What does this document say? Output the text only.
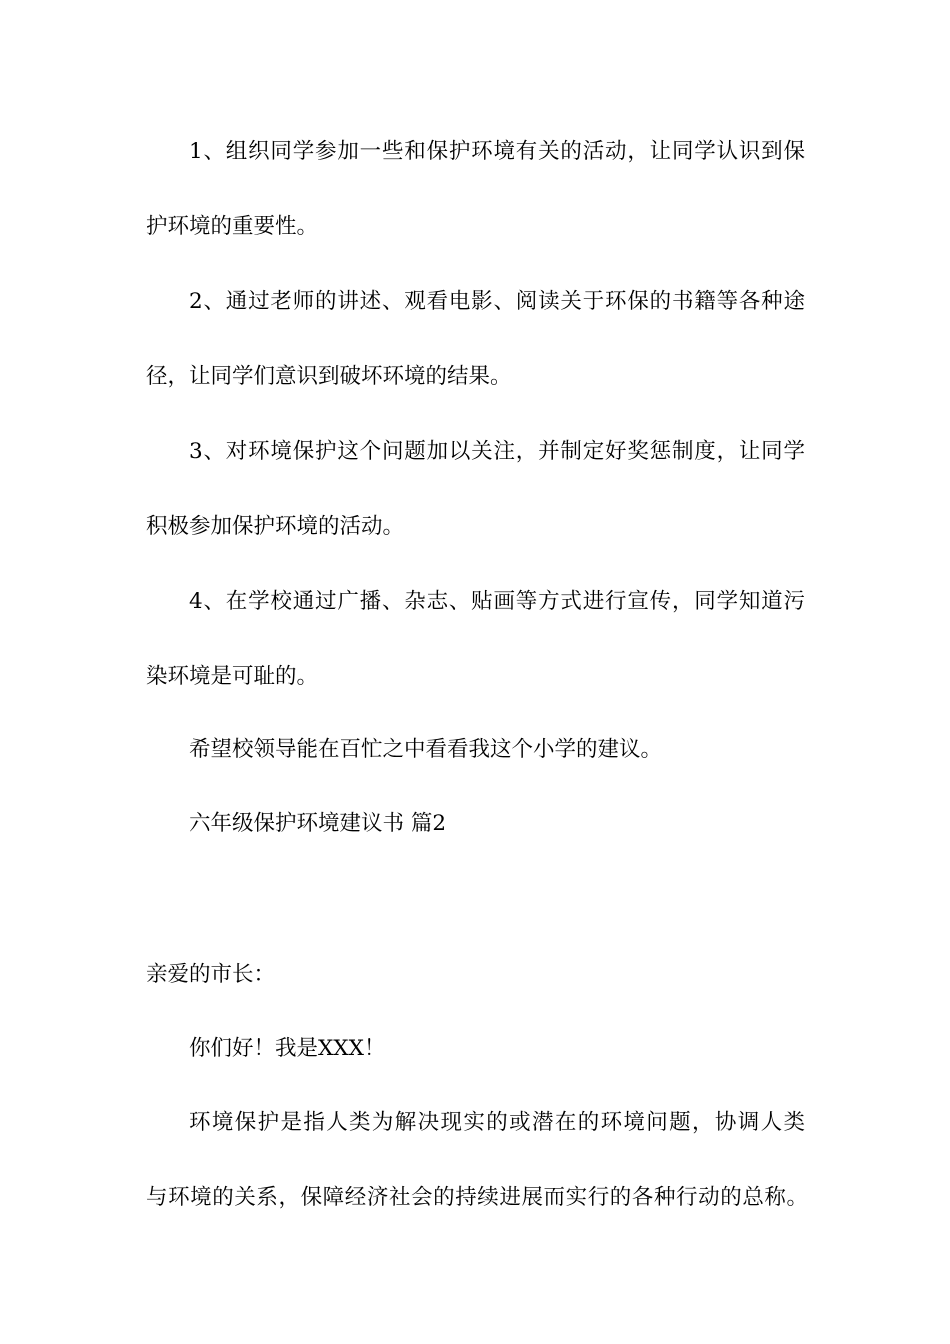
1、组织同学参加一些和保护环境有关的活动，让同学认识到保
护环境的重要性。
2、通过老师的讲述、观看电影、阅读关于环保的书籍等各种途
径，让同学们意识到破坏环境的结果。
3、对环境保护这个问题加以关注，并制定好奖惩制度，让同学
积极参加保护环境的活动。
4、在学校通过广播、杂志、贴画等方式进行宣传，同学知道污
染环境是可耻的。
希望校领导能在百忙之中看看我这个小学的建议。
六年级保护环境建议书 篇2
亲爱的市长：
你们好！我是XXX！
环境保护是指人类为解决现实的或潜在的环境问题，协调人类
与环境的关系，保障经济社会的持续进展而实行的各种行动的总称。
